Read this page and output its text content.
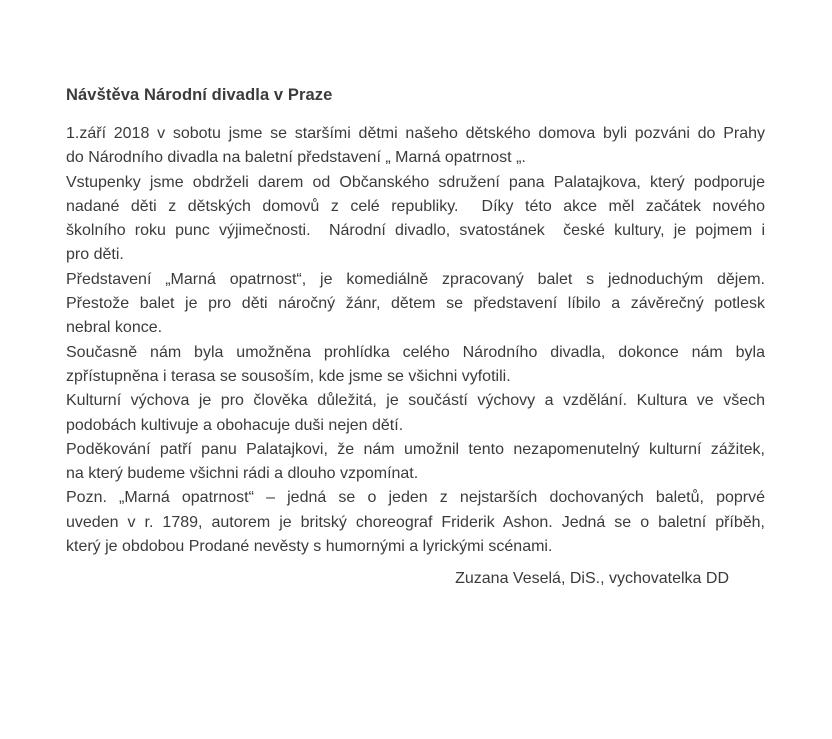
Návštěva Národní divadla v Praze
1.září 2018 v sobotu jsme se staršími dětmi našeho dětského domova byli pozváni do Prahy
do Národního divadla na baletní představení „ Marná opatrnost „.
Vstupenky jsme obdrželi darem od Občanského sdružení pana Palatajkova, který podporuje
nadané děti z dětských domovů z celé republiky.  Díky této akce měl začátek nového
školního roku punc výjimečnosti.  Národní divadlo, svatostánek  české kultury, je pojmem i
pro děti.
Představení „Marná opatrnost“, je komediálně zpracovaný balet s jednoduchým dějem.
Přestože balet je pro děti náročný žánr, dětem se představení líbilo a závěrečný potlesk
nebral konce.
Současně nám byla umožněna prohlídka celého Národního divadla, dokonce nám byla
zpřístupněna i terasa se sousoším, kde jsme se všichni vyfotili.
Kulturní výchova je pro člověka důležitá, je součástí výchovy a vzdělání. Kultura ve všech
podobách kultivuje a obohacuje duši nejen dětí.
Poděkování patří panu Palatajkovi, že nám umožnil tento nezapomenutelný kulturní zážitek,
na který budeme všichni rádi a dlouho vzpomínat.
Pozn. „Marná opatrnost“ – jedná se o jeden z nejstarších dochovaných baletů, poprvé
uveden v r. 1789, autorem je britský choreograf Friderik Ashon. Jedná se o baletní příběh,
který je obdobou Prodané nevěsty s humornými a lyrickými scénami.
Zuzana Veselá, DiS., vychovatelka DD
